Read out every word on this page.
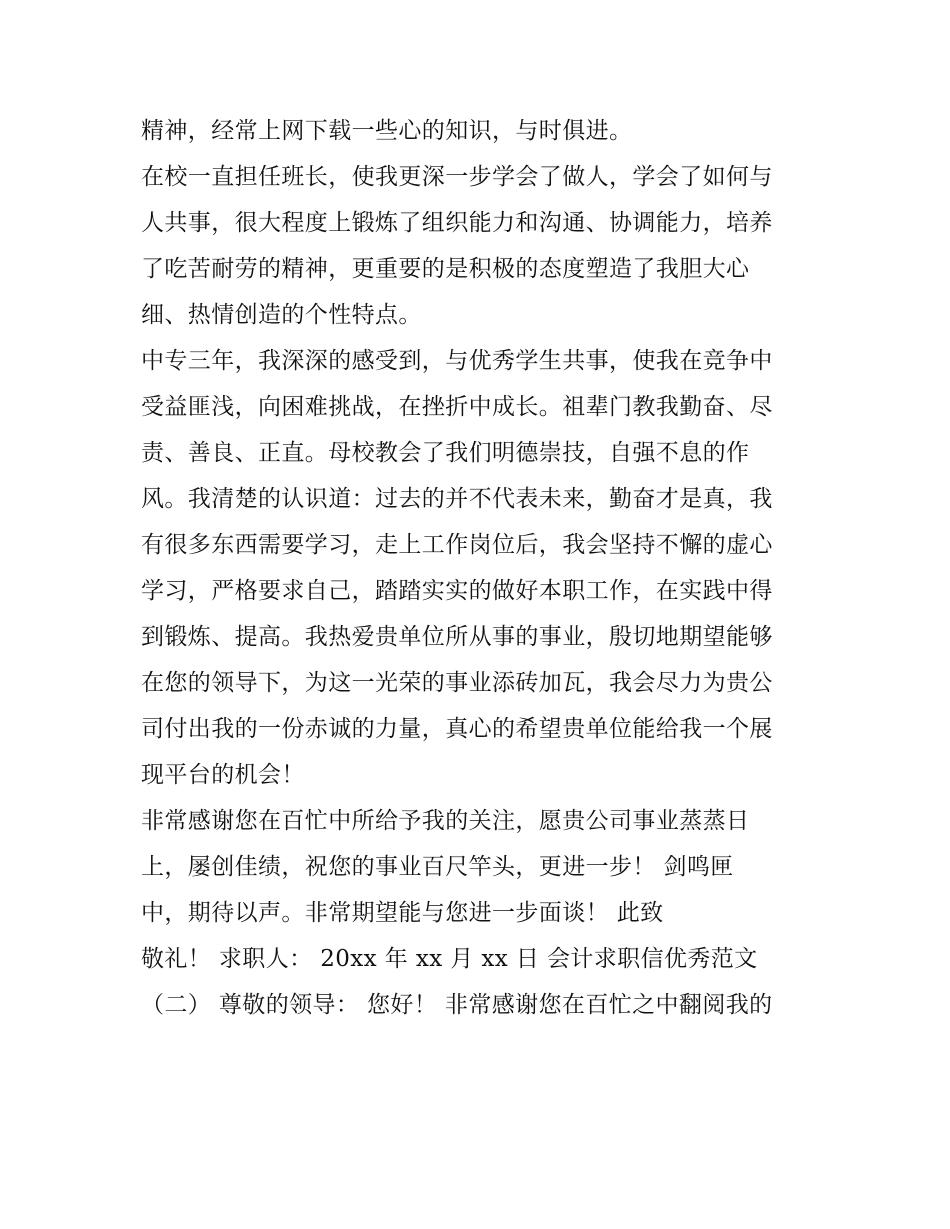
精神，经常上网下载一些心的知识，与时俱进。
在校一直担任班长，使我更深一步学会了做人，学会了如何与
人共事，很大程度上锻炼了组织能力和沟通、协调能力，培养
了吃苦耐劳的精神，更重要的是积极的态度塑造了我胆大心
细、热情创造的个性特点。
中专三年，我深深的感受到，与优秀学生共事，使我在竞争中
受益匪浅，向困难挑战，在挫折中成长。祖辈门教我勤奋、尽
责、善良、正直。母校教会了我们明德崇技，自强不息的作
风。我清楚的认识道：过去的并不代表未来，勤奋才是真，我
有很多东西需要学习，走上工作岗位后，我会坚持不懈的虚心
学习，严格要求自己，踏踏实实的做好本职工作，在实践中得
到锻炼、提高。我热爱贵单位所从事的事业，殷切地期望能够
在您的领导下，为这一光荣的事业添砖加瓦，我会尽力为贵公
司付出我的一份赤诚的力量，真心的希望贵单位能给我一个展
现平台的机会！
非常感谢您在百忙中所给予我的关注，愿贵公司事业蒸蒸日
上，屡创佳绩，祝您的事业百尺竿头，更进一步！ 剑鸣匣
中，期待以声。非常期望能与您进一步面谈！ 此致
敬礼！ 求职人： 20xx 年 xx 月 xx 日 会计求职信优秀范文
（二） 尊敬的领导： 您好！ 非常感谢您在百忙之中翻阅我的
